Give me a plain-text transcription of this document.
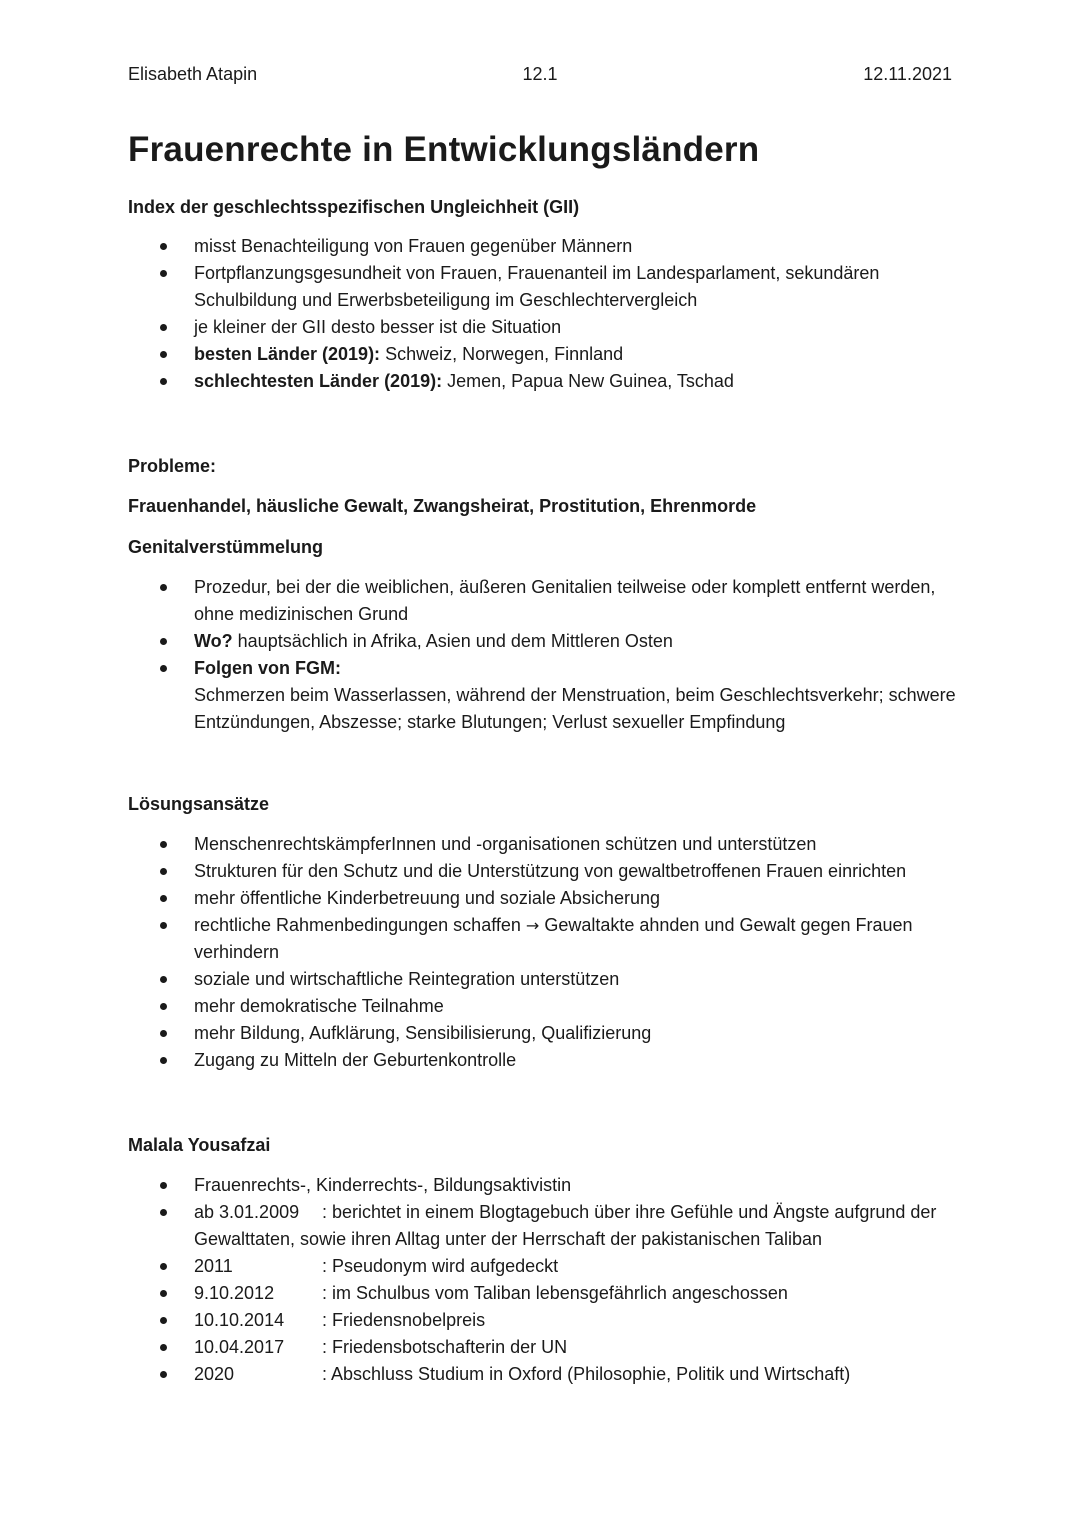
Elisabeth Atapin	12.1	12.11.2021
Frauenrechte in Entwicklungsländern
Index der geschlechtsspezifischen Ungleichheit (GII)
misst Benachteiligung von Frauen gegenüber Männern
Fortpflanzungsgesundheit von Frauen, Frauenanteil im Landesparlament, sekundären Schulbildung und Erwerbsbeteiligung im Geschlechtervergleich
je kleiner der GII desto besser ist die Situation
besten Länder (2019): Schweiz, Norwegen, Finnland
schlechtesten Länder (2019): Jemen, Papua New Guinea, Tschad
Probleme:
Frauenhandel, häusliche Gewalt, Zwangsheirat, Prostitution, Ehrenmorde
Genitalverstümmelung
Prozedur, bei der die weiblichen, äußeren Genitalien teilweise oder komplett entfernt werden, ohne medizinischen Grund
Wo? hauptsächlich in Afrika, Asien und dem Mittleren Osten
Folgen von FGM:
Schmerzen beim Wasserlassen, während der Menstruation, beim Geschlechtsverkehr; schwere Entzündungen, Abszesse; starke Blutungen; Verlust sexueller Empfindung
Lösungsansätze
MenschenrechtskämpferInnen und -organisationen schützen und unterstützen
Strukturen für den Schutz und die Unterstützung von gewaltbetroffenen Frauen einrichten
mehr öffentliche Kinderbetreuung und soziale Absicherung
rechtliche Rahmenbedingungen schaffen → Gewaltakte ahnden und Gewalt gegen Frauen verhindern
soziale und wirtschaftliche Reintegration unterstützen
mehr demokratische Teilnahme
mehr Bildung, Aufklärung, Sensibilisierung, Qualifizierung
Zugang zu Mitteln der Geburtenkontrolle
Malala Yousafzai
Frauenrechts-, Kinderrechts-, Bildungsaktivistin
ab 3.01.2009 : berichtet in einem Blogtagebuch über ihre Gefühle und Ängste aufgrund der Gewalttaten, sowie ihren Alltag unter der Herrschaft der pakistanischen Taliban
2011	: Pseudonym wird aufgedeckt
9.10.2012	: im Schulbus vom Taliban lebensgefährlich angeschossen
10.10.2014 : Friedensnobelpreis
10.04.2017 : Friedensbotschafterin der UN
2020	: Abschluss Studium in Oxford (Philosophie, Politik und Wirtschaft)
